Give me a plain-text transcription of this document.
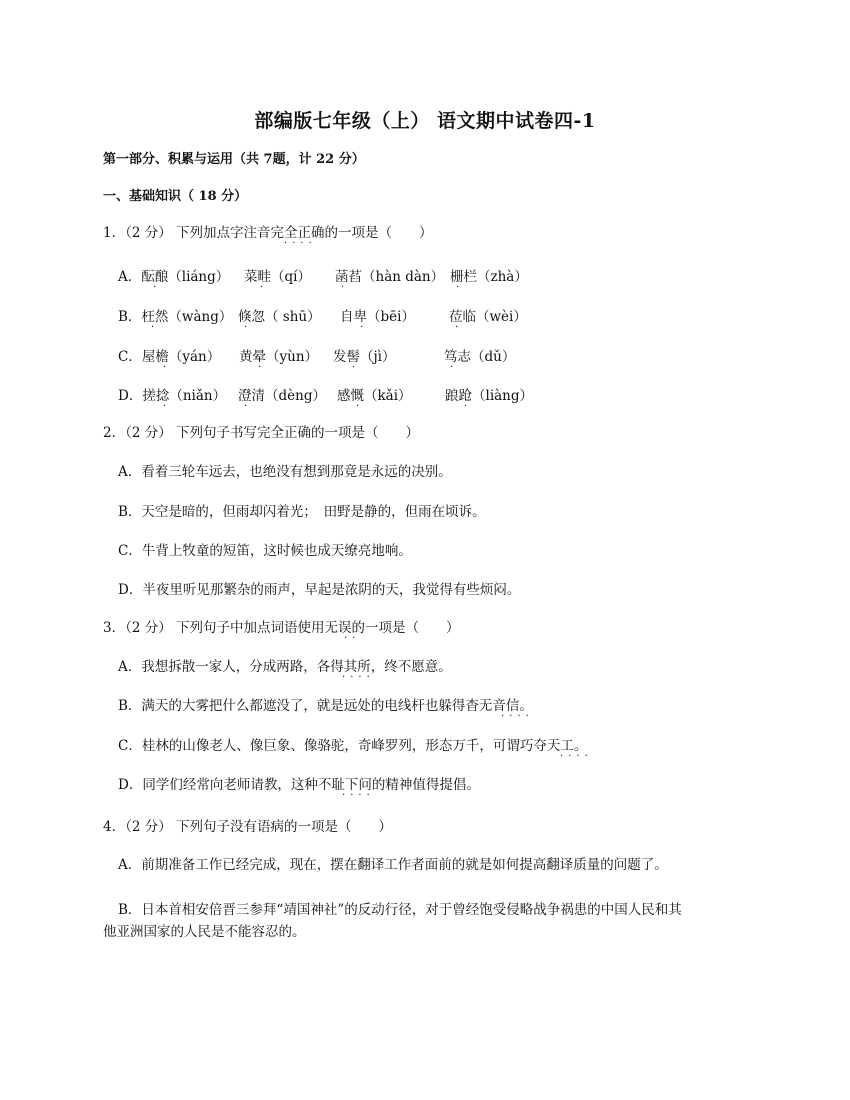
部编版七年级（上） 语文期中试卷四-1
第一部分、积累与运用（共 7题，计 22 分）
一、基础知识（ 18 分）
1．（2 分） 下列加点字注音完全正确的一项是（　　）
····
A．酝酿（liáng） 菜畦（qí） 菡萏（hàn dàn） 栅栏（zhà）
B．枉然（wàng） 倏忽（ shū） 自卑（bēi）	莅临（wèi）
C．屋檐（yán） 黄晕（yùn） 发髻（jì）	笃志（dǔ）
D．搓捻（niǎn） 澄清（dèng） 感慨（kǎi） 踉跄（liàng）
·	·	·	·
·	·	·	·
·	·	·	·
·	·	·	·
2．（2 分） 下列句子书写完全正确的一项是（　　）
A．看着三轮车远去，也绝没有想到那竟是永远的决别。
B．天空是暗的，但雨却闪着光；　田野是静的，但雨在顷诉。
C．牛背上牧童的短笛，这时候也成天缭亮地响。
D．半夜里听见那繁杂的雨声，早起是浓阴的天，我觉得有些烦闷。
3．（2 分） 下列句子中加点词语使用无误的一项是（　　）
··
A．我想拆散一家人，分成两路，各得其所，终不愿意。
····
B．满天的大雾把什么都遮没了，就是远处的电线杆也躲得杳无音信。
····
C．桂林的山像老人、像巨象、像骆驼，奇峰罗列，形态万千，可谓巧夺天工。
····
D．同学们经常向老师请教，这种不耻下问的精神值得提倡。
····
4．（2 分） 下列句子没有语病的一项是（　　）
A．前期准备工作已经完成，现在，摆在翻译工作者面前的就是如何提高翻译质量的问题了。
B．日本首相安倍晋三参拜“靖国神社”的反动行径，对于曾经饱受侵略战争祸患的中国人民和其
他亚洲国家的人民是不能容忍的。
